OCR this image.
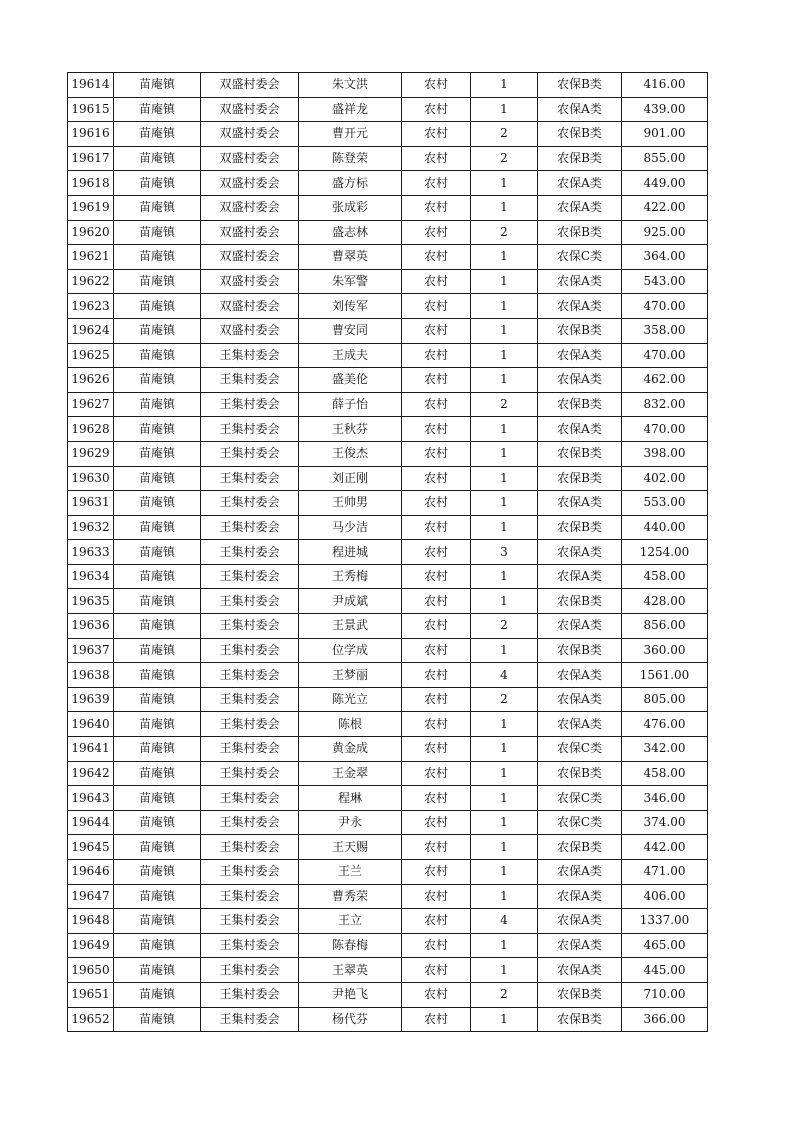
19614	苗庵镇	双盛村委会	朱文洪	农村	1	农保B类	416.00
19615	苗庵镇	双盛村委会	盛祥龙	农村	1	农保A类	439.00
19616	苗庵镇	双盛村委会	曹开元	农村	2	农保B类	901.00
19617	苗庵镇	双盛村委会	陈登荣	农村	2	农保B类	855.00
19618	苗庵镇	双盛村委会	盛方标	农村	1	农保A类	449.00
19619	苗庵镇	双盛村委会	张成彩	农村	1	农保A类	422.00
19620	苗庵镇	双盛村委会	盛志林	农村	2	农保B类	925.00
19621	苗庵镇	双盛村委会	曹翠英	农村	1	农保C类	364.00
19622	苗庵镇	双盛村委会	朱军警	农村	1	农保A类	543.00
19623	苗庵镇	双盛村委会	刘传军	农村	1	农保A类	470.00
19624	苗庵镇	双盛村委会	曹安同	农村	1	农保B类	358.00
19625	苗庵镇	王集村委会	王成夫	农村	1	农保A类	470.00
19626	苗庵镇	王集村委会	盛美伦	农村	1	农保A类	462.00
19627	苗庵镇	王集村委会	薛子怡	农村	2	农保B类	832.00
19628	苗庵镇	王集村委会	王秋芬	农村	1	农保A类	470.00
19629	苗庵镇	王集村委会	王俊杰	农村	1	农保B类	398.00
19630	苗庵镇	王集村委会	刘正刚	农村	1	农保B类	402.00
19631	苗庵镇	王集村委会	王帅男	农村	1	农保A类	553.00
19632	苗庵镇	王集村委会	马少洁	农村	1	农保B类	440.00
19633	苗庵镇	王集村委会	程进城	农村	3	农保A类	1254.00
19634	苗庵镇	王集村委会	王秀梅	农村	1	农保A类	458.00
19635	苗庵镇	王集村委会	尹成斌	农村	1	农保B类	428.00
19636	苗庵镇	王集村委会	王景武	农村	2	农保A类	856.00
19637	苗庵镇	王集村委会	位学成	农村	1	农保B类	360.00
19638	苗庵镇	王集村委会	王梦丽	农村	4	农保A类	1561.00
19639	苗庵镇	王集村委会	陈光立	农村	2	农保A类	805.00
19640	苗庵镇	王集村委会	陈根	农村	1	农保A类	476.00
19641	苗庵镇	王集村委会	黄金成	农村	1	农保C类	342.00
19642	苗庵镇	王集村委会	王金翠	农村	1	农保B类	458.00
19643	苗庵镇	王集村委会	程琳	农村	1	农保C类	346.00
19644	苗庵镇	王集村委会	尹永	农村	1	农保C类	374.00
19645	苗庵镇	王集村委会	王天赐	农村	1	农保B类	442.00
19646	苗庵镇	王集村委会	王兰	农村	1	农保A类	471.00
19647	苗庵镇	王集村委会	曹秀荣	农村	1	农保A类	406.00
19648	苗庵镇	王集村委会	王立	农村	4	农保A类	1337.00
19649	苗庵镇	王集村委会	陈春梅	农村	1	农保A类	465.00
19650	苗庵镇	王集村委会	王翠英	农村	1	农保A类	445.00
19651	苗庵镇	王集村委会	尹艳飞	农村	2	农保B类	710.00
19652	苗庵镇	王集村委会	杨代芬	农村	1	农保B类	366.00
